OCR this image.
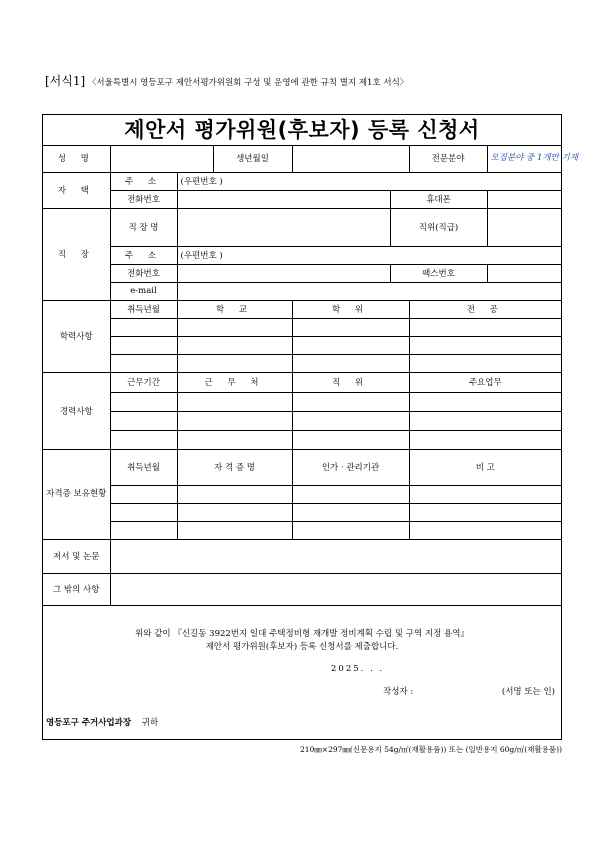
[서식1] 〈서울특별시 영등포구 제안서평가위원회 구성 및 운영에 관한 규칙 별지 제1호 서식〉
제안서 평가위원(후보자) 등록 신청서
성 명			생년월일			전문분야	모집분야 중 1개만 기재
자 택	주 소	(우편번호 )					
	전화번호				휴대폰		
직 장	직 장 명				직위(직급)		
	주 소	(우편번호 )					
	전화번호				팩스번호		
	e-mail						
학력사항	취득년월	학 교		학 위		전 공	

경력사항	근무기간	근 무 처		직 위		주요업무	

자격증 보유현황	취득년월	자 격 증 명		인가 · 관리기관		비 고	

저서 및 논문							
그 밖의 사항							
위와 같이 『신길동 3922번지 일대 주택정비형 재개발 정비계획 수립 및 구역 지정 용역』
제안서 평가위원(후보자) 등록 신청서를 제출합니다.
2025. . .
작성자 :	(서명 또는 인)
영등포구 주거사업과장 귀하
210㎜×297㎜(신문용지 54g/㎡(재활용품)) 또는 (일반용지 60g/㎡(재활용품))
